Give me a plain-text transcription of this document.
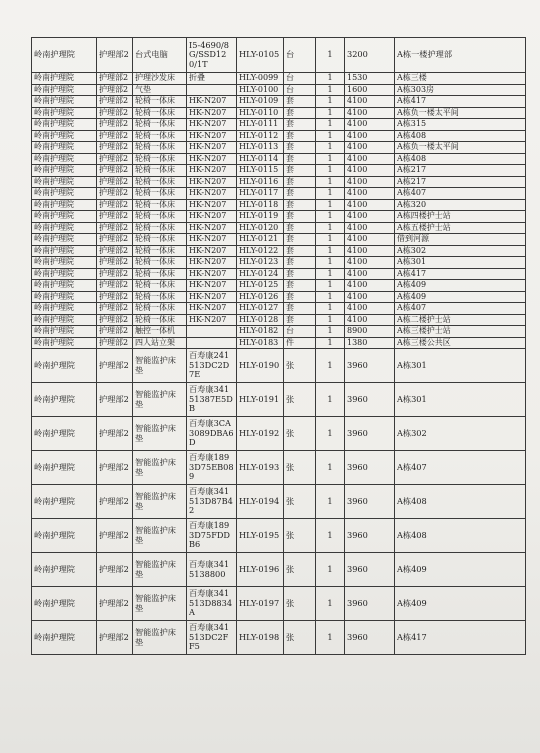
岭南护理院	护理部2	台式电脑	I5-4690/8G/SSD120/1T	HLY-0105	台	1	3200	A栋一楼护理部
岭南护理院	护理部2	护理沙发床	折叠	HLY-0099	台	1	1530	A栋三楼
岭南护理院	护理部2	气垫		HLY-0100	台	1	1600	A栋303房
岭南护理院	护理部2	轮椅一体床	HK-N207	HLY-0109	套	1	4100	A栋417
岭南护理院	护理部2	轮椅一体床	HK-N207	HLY-0110	套	1	4100	A栋负一楼太平间
岭南护理院	护理部2	轮椅一体床	HK-N207	HLY-0111	套	1	4100	A栋315
岭南护理院	护理部2	轮椅一体床	HK-N207	HLY-0112	套	1	4100	A栋408
岭南护理院	护理部2	轮椅一体床	HK-N207	HLY-0113	套	1	4100	A栋负一楼太平间
岭南护理院	护理部2	轮椅一体床	HK-N207	HLY-0114	套	1	4100	A栋408
岭南护理院	护理部2	轮椅一体床	HK-N207	HLY-0115	套	1	4100	A栋217
岭南护理院	护理部2	轮椅一体床	HK-N207	HLY-0116	套	1	4100	A栋217
岭南护理院	护理部2	轮椅一体床	HK-N207	HLY-0117	套	1	4100	A栋407
岭南护理院	护理部2	轮椅一体床	HK-N207	HLY-0118	套	1	4100	A栋320
岭南护理院	护理部2	轮椅一体床	HK-N207	HLY-0119	套	1	4100	A栋四楼护士站
岭南护理院	护理部2	轮椅一体床	HK-N207	HLY-0120	套	1	4100	A栋五楼护士站
岭南护理院	护理部2	轮椅一体床	HK-N207	HLY-0121	套	1	4100	借到河源
岭南护理院	护理部2	轮椅一体床	HK-N207	HLY-0122	套	1	4100	A栋302
岭南护理院	护理部2	轮椅一体床	HK-N207	HLY-0123	套	1	4100	A栋301
岭南护理院	护理部2	轮椅一体床	HK-N207	HLY-0124	套	1	4100	A栋417
岭南护理院	护理部2	轮椅一体床	HK-N207	HLY-0125	套	1	4100	A栋409
岭南护理院	护理部2	轮椅一体床	HK-N207	HLY-0126	套	1	4100	A栋409
岭南护理院	护理部2	轮椅一体床	HK-N207	HLY-0127	套	1	4100	A栋407
岭南护理院	护理部2	轮椅一体床	HK-N207	HLY-0128	套	1	4100	A栋二楼护士站
岭南护理院	护理部2	触控一体机		HLY-0182	台	1	8900	A栋三楼护士站
岭南护理院	护理部2	四人站立架		HLY-0183	件	1	1380	A栋三楼公共区
岭南护理院	护理部2	智能监护床垫	百寿康241513DC2D7E	HLY-0190	张	1	3960	A栋301
岭南护理院	护理部2	智能监护床垫	百寿康34151387E5DB	HLY-0191	张	1	3960	A栋301
岭南护理院	护理部2	智能监护床垫	百寿康3CA3089DBA6D	HLY-0192	张	1	3960	A栋302
岭南护理院	护理部2	智能监护床垫	百寿康1893D75EB089	HLY-0193	张	1	3960	A栋407
岭南护理院	护理部2	智能监护床垫	百寿康341513D87B42	HLY-0194	张	1	3960	A栋408
岭南护理院	护理部2	智能监护床垫	百寿康1893D75FDDB6	HLY-0195	张	1	3960	A栋408
岭南护理院	护理部2	智能监护床垫	百寿康3415138800	HLY-0196	张	1	3960	A栋409
岭南护理院	护理部2	智能监护床垫	百寿康341513D8834A	HLY-0197	张	1	3960	A栋409
岭南护理院	护理部2	智能监护床垫	百寿康341513DC2FF5	HLY-0198	张	1	3960	A栋417
